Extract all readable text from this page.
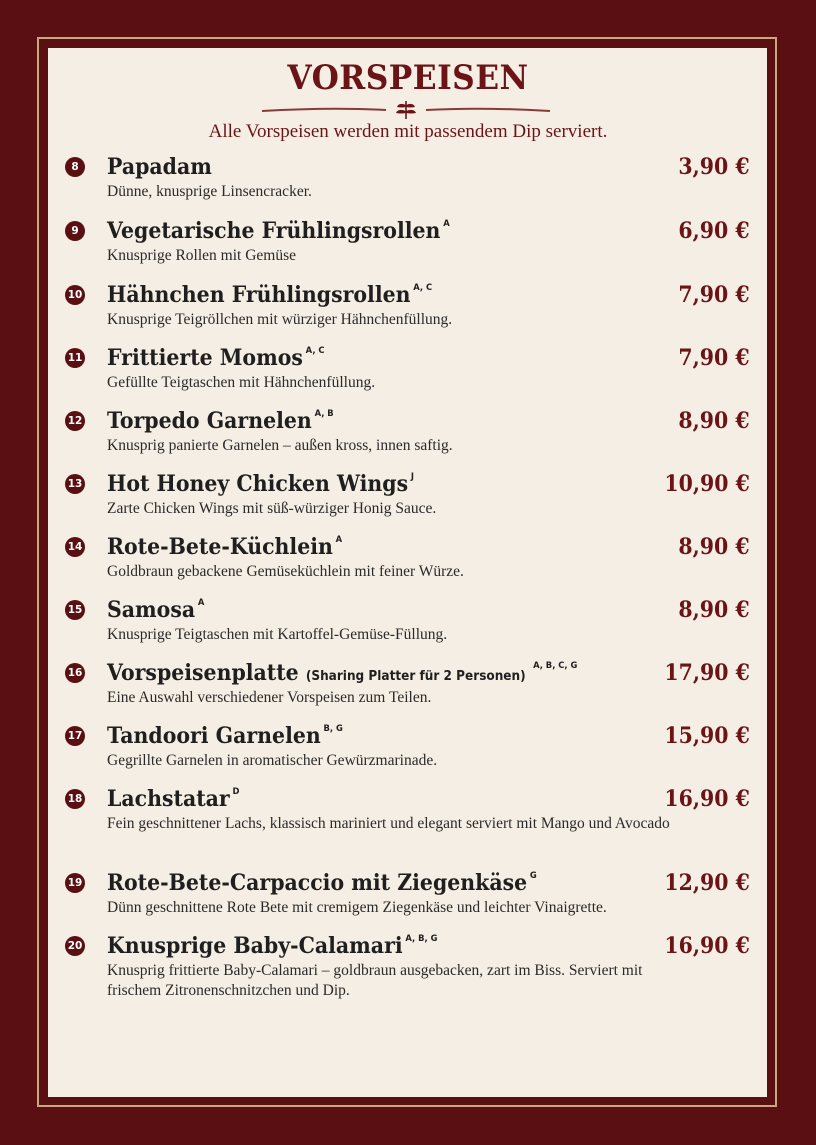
VORSPEISEN
Alle Vorspeisen werden mit passendem Dip serviert.
8 Papadam	3,90 €
Dünne, knusprige Linsencracker.
9 Vegetarische Frühlingsrollen $^A$	6,90 €
Knusprige Rollen mit Gemüse
10 Hähnchen Frühlingsrollen $^{A, C}$	7,90 €
Knusprige Teigröllchen mit würziger Hähnchenfüllung.
11 Frittierte Momos $^{A, C}$	7,90 €
Gefüllte Teigtaschen mit Hähnchenfüllung.
12 Torpedo Garnelen $^{A, B}$	8,90 €
Knusprig panierte Garnelen – außen kross, innen saftig.
13 Hot Honey Chicken Wings $^J$	10,90 €
Zarte Chicken Wings mit süß-würziger Honig Sauce.
14 Rote-Bete-Küchlein $^A$	8,90 €
Goldbraun gebackene Gemüseküchlein mit feiner Würze.
15 Samosa $^A$	8,90 €
Knusprige Teigtaschen mit Kartoffel-Gemüse-Füllung.
16 Vorspeisenplatte (Sharing Platter für 2 Personen)$^{A, B, C, G}$	17,90 €
Eine Auswahl verschiedener Vorspeisen zum Teilen.
17 Tandoori Garnelen $^{B, G}$	15,90 €
Gegrillte Garnelen in aromatischer Gewürzmarinade.
18 Lachstatar $^D$	16,90 €
Fein geschnittener Lachs, klassisch mariniert und elegant serviert mit Mango und Avocado
19 Rote-Bete-Carpaccio mit Ziegenkäse $^G$	12,90 €
Dünn geschnittene Rote Bete mit cremigem Ziegenkäse und leichter Vinaigrette.
20 Knusprige Baby-Calamari $^{A, B, G}$	16,90 €
Knusprig frittierte Baby-Calamari – goldbraun ausgebacken, zart im Biss. Serviert mit frischem Zitronenschnitzchen und Dip.
